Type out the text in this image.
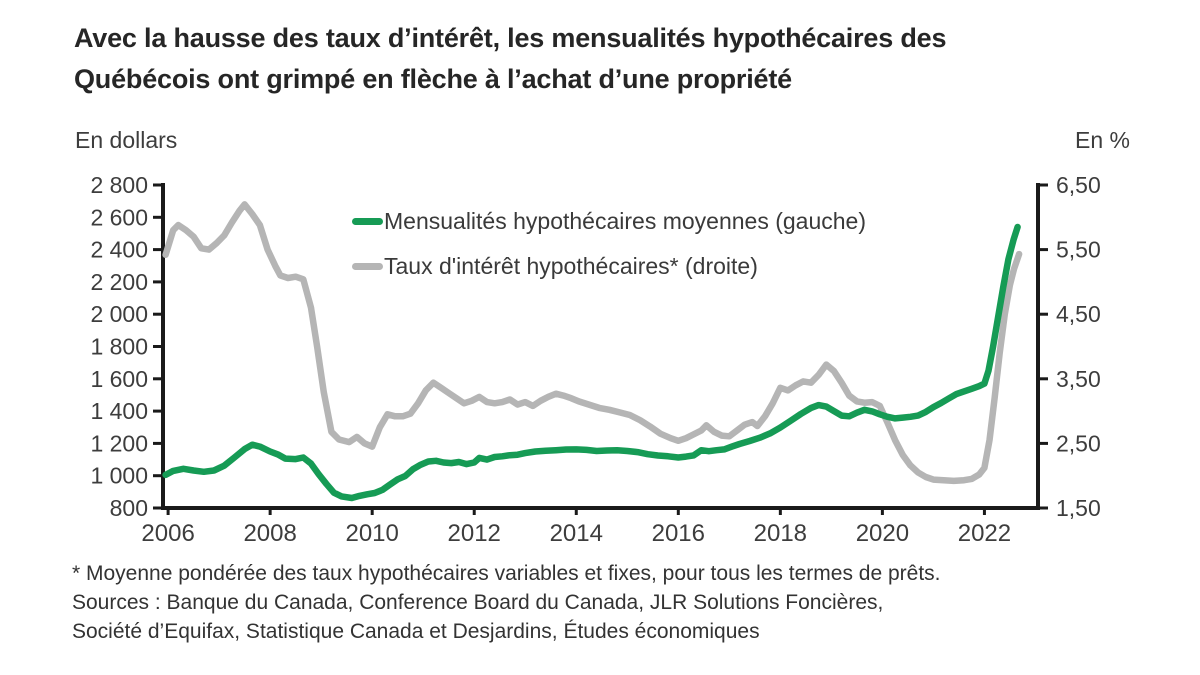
Avec la hausse des taux d’intérêt, les mensualités hypothécaires des
Québécois ont grimpé en flèche à l’achat d’une propriété
En dollars	En %
2 800
2 600
2 400
2 200
2 000
1 800
1 600
1 400
1 200
1 000
800
6,50
5,50
4,50
3,50
2,50
1,50
2006 2008 2010 2012 2014 2016 2018 2020 2022
Mensualités hypothécaires moyennes (gauche)
Taux d'intérêt hypothécaires* (droite)
* Moyenne pondérée des taux hypothécaires variables et fixes, pour tous les termes de prêts.
Sources : Banque du Canada, Conference Board du Canada, JLR Solutions Foncières,
Société d’Equifax, Statistique Canada et Desjardins, Études économiques
